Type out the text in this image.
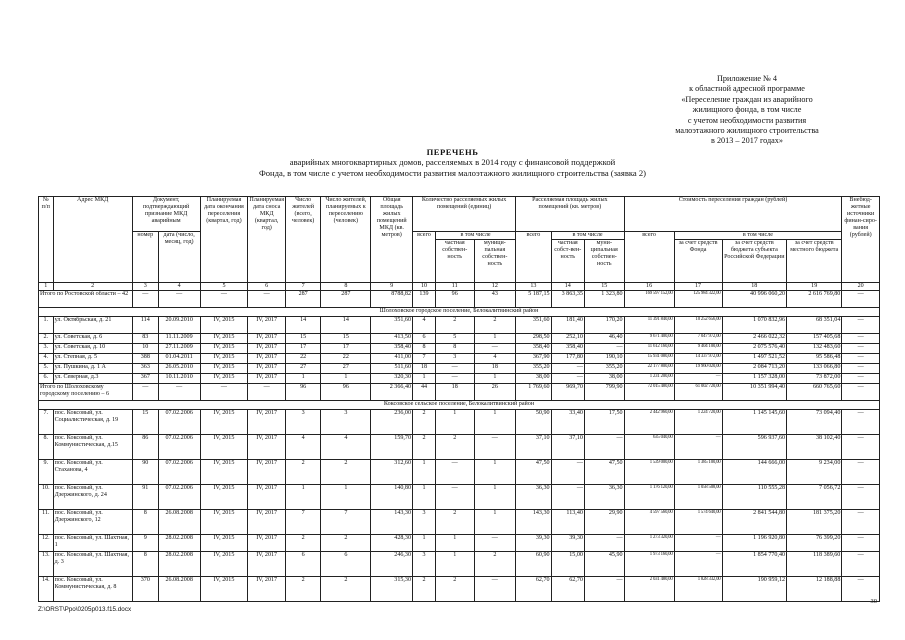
Приложение № 4
к областной адресной программе
«Переселение граждан из аварийного
жилищного фонда, в том числе
с учетом необходимости развития
малоэтажного жилищного строительства
в 2013 – 2017 годах»
ПЕРЕЧЕНЬ
аварийных многоквартирных домов, расселяемых в 2014 году с финансовой поддержкой
Фонда, в том числе с учетом необходимости развития малоэтажного жилищного строительства (заявка 2)
№ п/п	Адрес МКД	Документ, подтверждающий признание МКД аварийным		Планируемая дата окончания переселения (квартал, год)	Планируемая дата сноса МКД (квартал, год)	Число жителей (всего, человек)	Число жителей, планируемых к переселению (человек)	Общая площадь жилых помещений МКД (кв. метров)	Количество расселяемых жилых помещений (единиц)			Расселяемая площадь жилых помещений (кв. метров)			Стоимость переселения граждан (рублей)				Внебюд-жетные источники финан-сиро-вания (рублей)
		номер	дата (число, месяц, год)						всего	в том числе		всего	в том числе		всего	в том числе			
										частная собствен-ность	муници-пальная собствен-ность		частная собст-вен-ность	муни-ципальная собствен-ность		за счет средств Фонда	за счет средств бюджета субъекта Российской Федерации	за счет средств местного бюджета	
1	2	3	4	5	6	7	8	9	10	11	12	13	14	15	16	17	18	19	20
Итого по Ростовской области – 42		—	—	—	—	287	287	8788,82	139	96	43	5 187,15	3 863,35	1 323,80	169 597 152,00	125 984 322,00	40 996 060,20	2 616 769,80	—
Шолоховское городское поселение, Белокалитвинский район																			
1.	ул. Октябрьская, д. 21	114	20.09.2010	IV, 2015	IV, 2017	14	14	351,60	4	2	2	351,60	181,40	170,20	11 391 840,00	10 252 656,00	1 070 832,96	68 351,04	—
2.	ул. Советская, д. 6	83	11.11.2009	IV, 2015	IV, 2017	15	15	413,50	6	5	1	298,50	252,10	46,40	9 671 400,00	7 047 972,00	2 466 022,32	157 405,68	—
3.	ул. Советская, д. 10	10	27.11.2009	IV, 2015	IV, 2017	17	17	358,40	8	8	—	358,40	358,40	—	11 612 160,00	9 404 100,00	2 075 576,40	132 483,60	—
4.	ул. Степная, д. 5	388	01.04.2011	IV, 2015	IV, 2017	22	22	411,00	7	3	4	367,90	177,80	190,10	15 931 080,00	14 337 972,00	1 497 521,52	95 586,48	—
5.	ул. Пушкина, д. 1 А	363	26.05.2010	IV, 2015	IV, 2017	27	27	511,60	18	—	18	355,20	—	355,20	22 177 800,00	19 960 020,00	2 084 713,20	133 066,80	—
6.	ул. Северная, д.3	367	10.11.2010	IV, 2015	IV, 2017	1	1	320,30	1	—	1	38,00	—	38,00	1 231 200,00	—	1 157 328,00	73 872,00	—
Итого по Шолоховскому городскому поселению – 6		—	—	—	—	96	96	2 366,40	44	18	26	1 769,60	969,70	799,90	72 015 480,00	61 002 720,00	10 351 994,40	660 765,60	—
Коксовское сельское поселение, Белокалитвинский район																			
7.	пос. Коксовый, ул. Социалистическая, д. 19	15	07.02.2006	IV, 2015	IV, 2017	3	3	236,00	2	1	1	50,90	33,40	17,50	2 442 960,00	1 224 720,00	1 145 145,60	73 094,40	—
8.	пос. Коксовый, ул. Коммунистическая, д.15	86	07.02.2006	IV, 2015	IV, 2017	4	4	159,70	2	2	—	37,10	37,10	—	635 040,00	—	596 937,60	38 102,40	—
9.	пос. Коксовый, ул. Стаханова, 4	90	07.02.2006	IV, 2015	IV, 2017	2	2	312,60	1	—	1	47,50	—	47,50	1 539 000,00	1 385 100,00	144 666,00	9 234,00	—
10.	пос. Коксовый, ул. Дзержинского, д. 24	91	07.02.2006	IV, 2015	IV, 2017	1	1	140,80	1	—	1	36,30	—	36,30	1 176 120,00	1 058 508,00	110 555,28	7 056,72	—
11.	пос. Коксовый, ул. Дзержинского, 12	8	26.08.2008	IV, 2015	IV, 2017	7	7	143,30	3	2	1	143,30	113,40	29,90	4 597 560,00	1 574 640,00	2 841 544,80	181 375,20	—
12.	пос. Коксовый, ул. Шахтная, 1	9	28.02.2008	IV, 2015	IV, 2017	2	2	428,30	1	1	—	39,30	39,30	—	1 273 320,00	—	1 196 920,80	76 399,20	—
13.	пос. Коксовый, ул. Шахтная, д. 3	8	28.02.2008	IV, 2015	IV, 2017	6	6	246,30	3	1	2	60,90	15,00	45,90	1 973 160,00	—	1 854 770,40	118 389,60	—
14.	пос. Коксовый, ул. Коммунистическая, д. 8	370	26.08.2008	IV, 2015	IV, 2017	2	2	315,30	2	2	—	62,70	62,70	—	2 031 480,00	1 828 332,00	190 959,12	12 188,88	—
Z:\ORST\Ppo\0205p013.f15.docx
30
